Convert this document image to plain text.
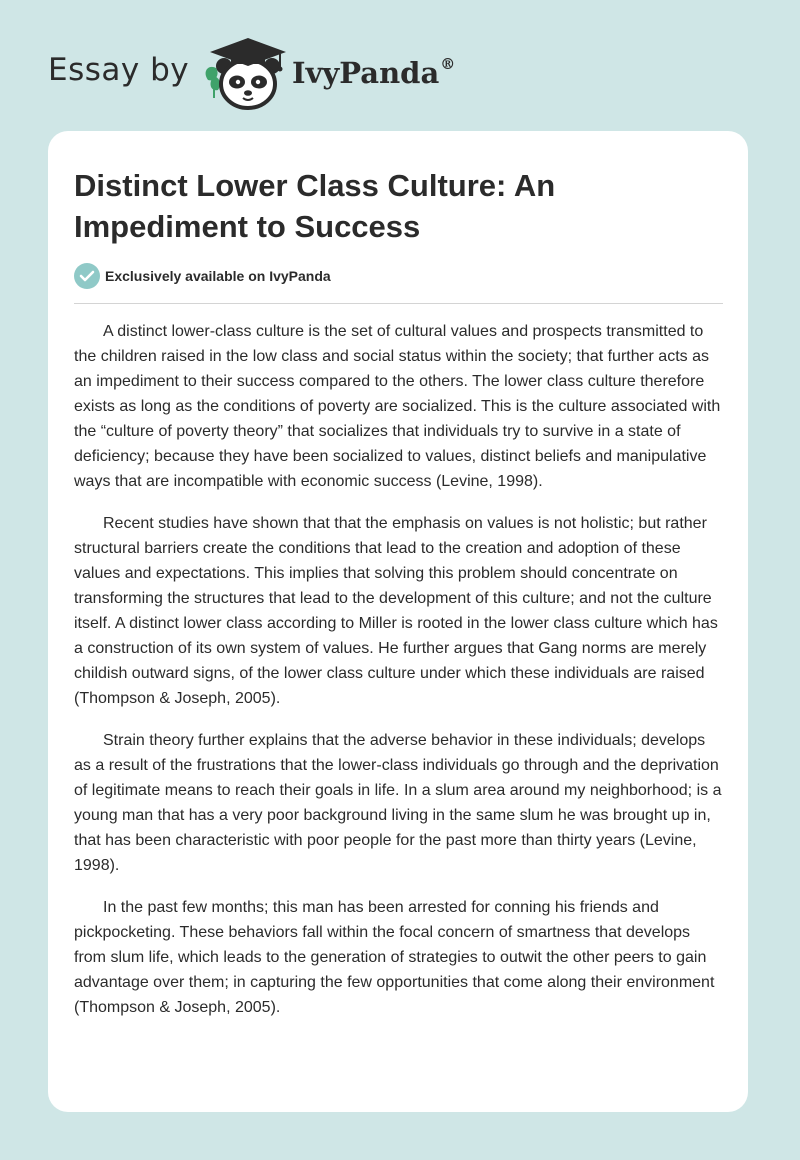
Essay by	IvyPanda®
Distinct Lower Class Culture: An Impediment to Success
Exclusively available on IvyPanda

A distinct lower-class culture is the set of cultural values and prospects transmitted to the children raised in the low class and social status within the society; that further acts as an impediment to their success compared to the others. The lower class culture therefore exists as long as the conditions of poverty are socialized. This is the culture associated with the “culture of poverty theory” that socializes that individuals try to survive in a state of deficiency; because they have been socialized to values, distinct beliefs and manipulative ways that are incompatible with economic success (Levine, 1998).

Recent studies have shown that that the emphasis on values is not holistic; but rather structural barriers create the conditions that lead to the creation and adoption of these values and expectations. This implies that solving this problem should concentrate on transforming the structures that lead to the development of this culture; and not the culture itself. A distinct lower class according to Miller is rooted in the lower class culture which has a construction of its own system of values. He further argues that Gang norms are merely childish outward signs, of the lower class culture under which these individuals are raised (Thompson & Joseph, 2005).

Strain theory further explains that the adverse behavior in these individuals; develops as a result of the frustrations that the lower-class individuals go through and the deprivation of legitimate means to reach their goals in life. In a slum area around my neighborhood; is a young man that has a very poor background living in the same slum he was brought up in, that has been characteristic with poor people for the past more than thirty years (Levine, 1998).

In the past few months; this man has been arrested for conning his friends and pickpocketing. These behaviors fall within the focal concern of smartness that develops from slum life, which leads to the generation of strategies to outwit the other peers to gain advantage over them; in capturing the few opportunities that come along their environment (Thompson & Joseph, 2005).
